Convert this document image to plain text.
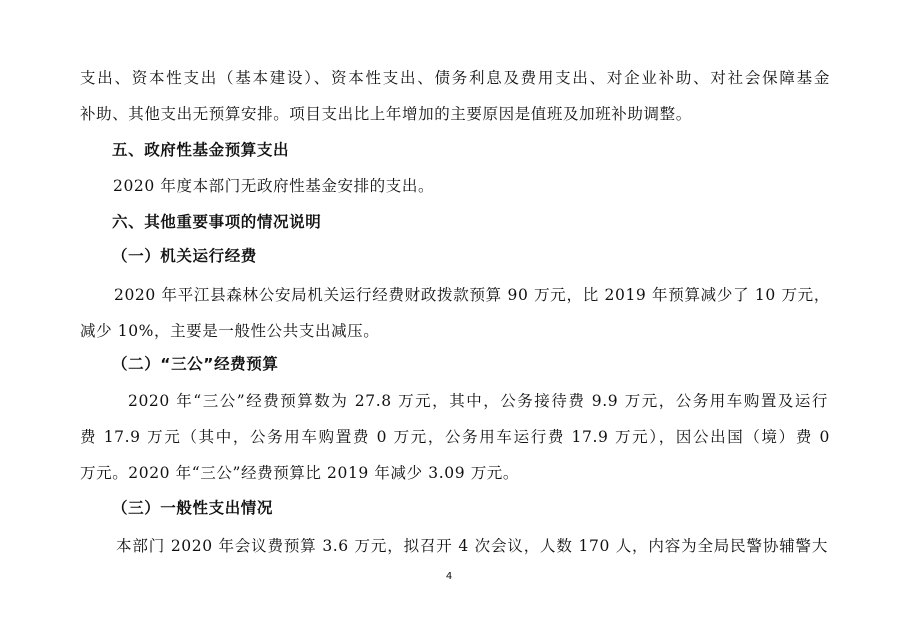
支出、资本性支出（基本建设）、资本性支出、债务利息及费用支出、对企业补助、对社会保障基金
补助、其他支出无预算安排。项目支出比上年增加的主要原因是值班及加班补助调整。
五、政府性基金预算支出
2020 年度本部门无政府性基金安排的支出。
六、其他重要事项的情况说明
（一）机关运行经费
2020 年平江县森林公安局机关运行经费财政拨款预算 90 万元，比 2019 年预算减少了 10 万元，
减少 10%，主要是一般性公共支出减压。
（二）“三公”经费预算
2020 年“三公”经费预算数为 27.8 万元，其中，公务接待费 9.9 万元，公务用车购置及运行
费 17.9 万元（其中，公务用车购置费 0 万元，公务用车运行费 17.9 万元），因公出国（境）费 0
万元。2020 年“三公”经费预算比 2019 年减少 3.09 万元。
（三）一般性支出情况
本部门 2020 年会议费预算 3.6 万元，拟召开 4 次会议，人数 170 人，内容为全局民警协辅警大
4
